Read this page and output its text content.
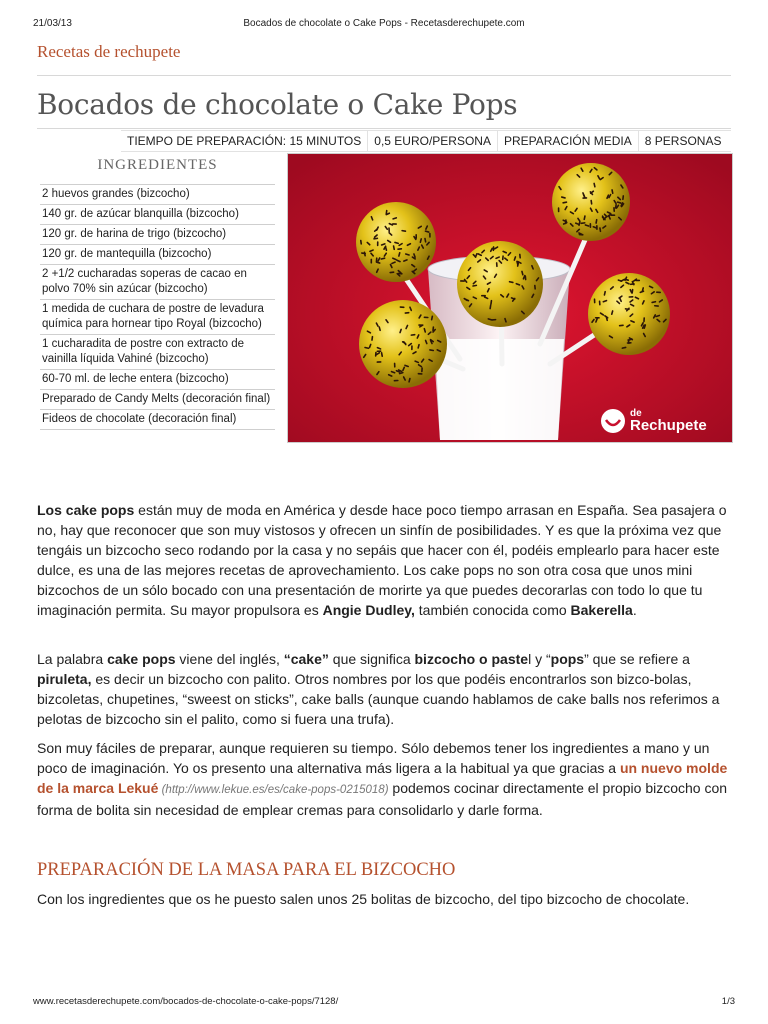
21/03/13	Bocados de chocolate o Cake Pops - Recetasderechupete.com
Recetas de rechupete
Bocados de chocolate o Cake Pops
TIEMPO DE PREPARACIÓN: 15 MINUTOS	0,5 EURO/PERSONA	PREPARACIÓN MEDIA	8 PERSONAS
INGREDIENTES
2 huevos grandes (bizcocho)
140 gr. de azúcar blanquilla (bizcocho)
120 gr. de harina de trigo (bizcocho)
120 gr. de mantequilla (bizcocho)
2 +1/2 cucharadas soperas de cacao en polvo 70% sin azúcar (bizcocho)
1 medida de cuchara de postre de levadura química para hornear tipo Royal (bizcocho)
1 cucharadita de postre con extracto de vainilla líquida Vahiné (bizcocho)
60-70 ml. de leche entera (bizcocho)
Preparado de Candy Melts (decoración final)
Fideos de chocolate (decoración final)	de
Rechupete

Los cake pops están muy de moda en América y desde hace poco tiempo arrasan en España. Sea pasajera o no, hay que reconocer que son muy vistosos y ofrecen un sinfín de posibilidades. Y es que la próxima vez que tengáis un bizcocho seco rodando por la casa y no sepáis que hacer con él, podéis emplearlo para hacer este dulce, es una de las mejores recetas de aprovechamiento. Los cake pops no son otra cosa que unos mini bizcochos de un sólo bocado con una presentación de morirte ya que puedes decorarlas con todo lo que tu imaginación permita. Su mayor propulsora es Angie Dudley, también conocida como Bakerella.

La palabra cake pops viene del inglés, “cake” que significa bizcocho o pastel y “pops” que se refiere a piruleta, es decir un bizcocho con palito. Otros nombres por los que podéis encontrarlos son bizco-bolas, bizcoletas, chupetines, “sweest on sticks”, cake balls (aunque cuando hablamos de cake balls nos referimos a pelotas de bizcocho sin el palito, como si fuera una trufa).

Son muy fáciles de preparar, aunque requieren su tiempo. Sólo debemos tener los ingredientes a mano y un poco de imaginación. Yo os presento una alternativa más ligera a la habitual ya que gracias a un nuevo molde de la marca Lekué (http://www.lekue.es/es/cake-pops-0215018) podemos cocinar directamente el propio bizcocho con forma de bolita sin necesidad de emplear cremas para consolidarlo y darle forma.

PREPARACIÓN DE LA MASA PARA EL BIZCOCHO

Con los ingredientes que os he puesto salen unos 25 bolitas de bizcocho, del tipo bizcocho de chocolate.

www.recetasderechupete.com/bocados-de-chocolate-o-cake-pops/7128/	1/3
